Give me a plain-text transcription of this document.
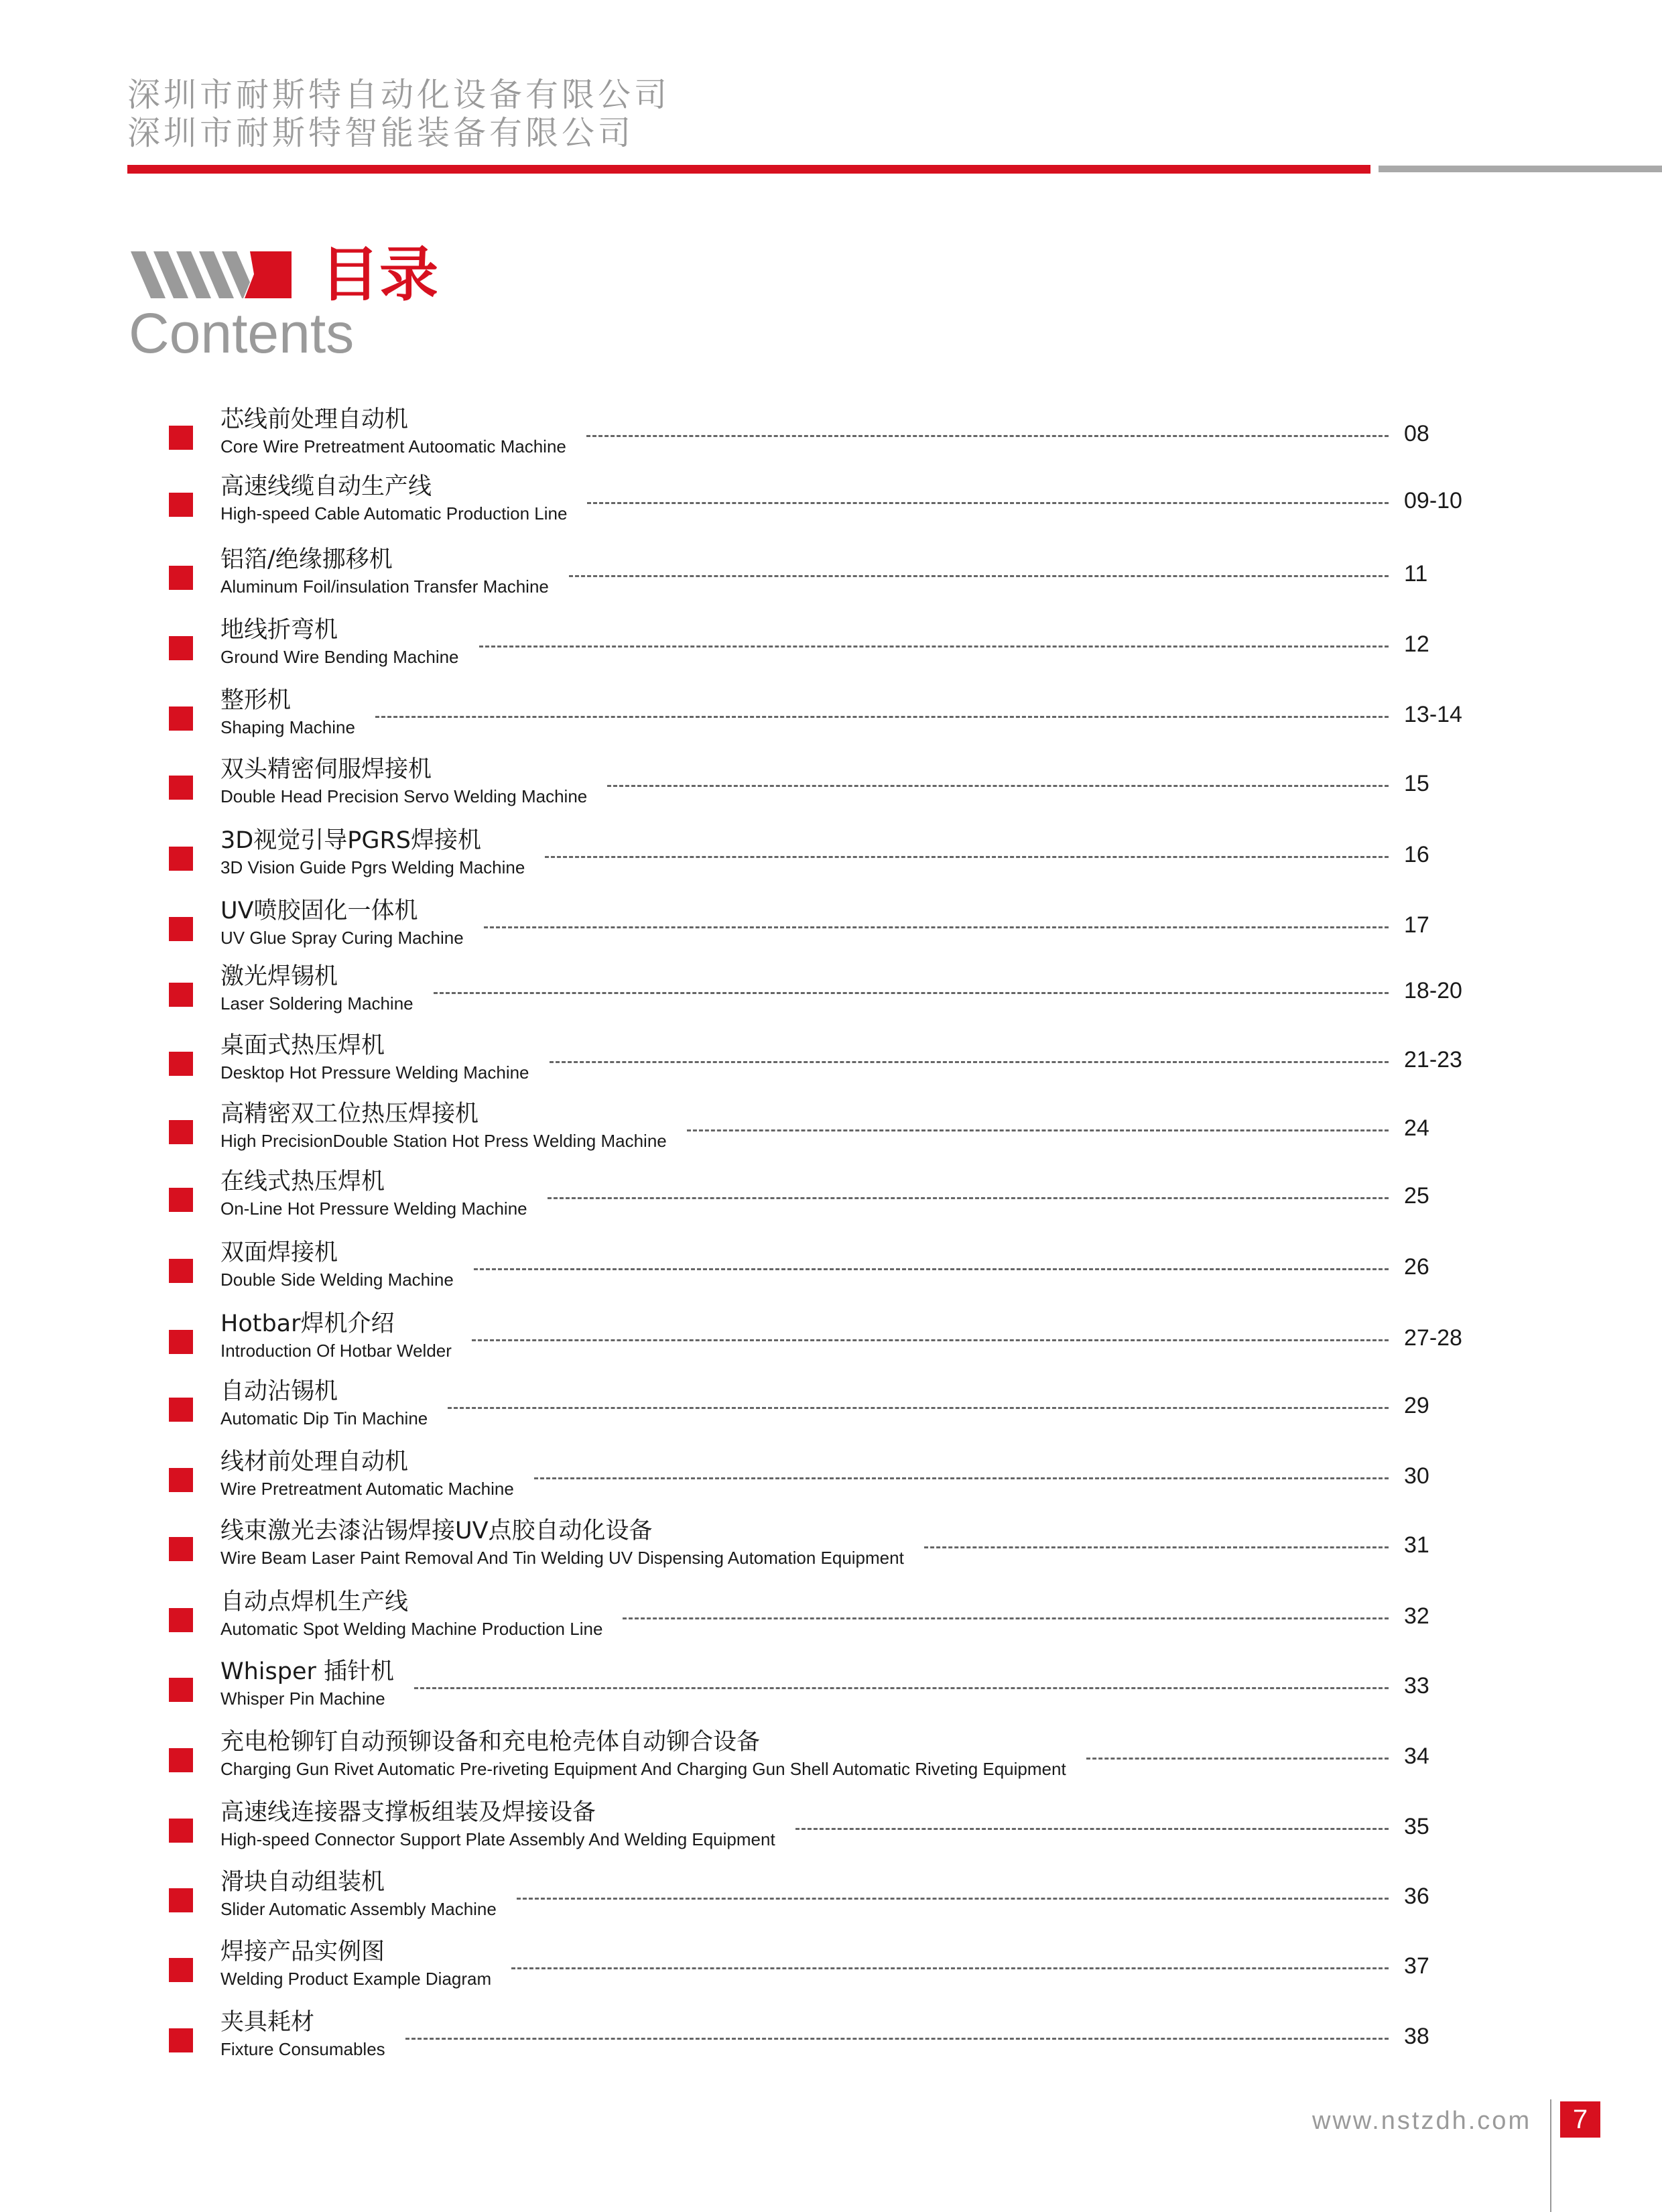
深圳市耐斯特自动化设备有限公司
深圳市耐斯特智能装备有限公司
目录
Contents
芯线前处理自动机
Core Wire Pretreatment Autoomatic Machine	08
高速线缆自动生产线
High-speed Cable Automatic Production Line	09-10
铝箔/绝缘挪移机
Aluminum Foil/insulation Transfer Machine	11
地线折弯机
Ground Wire Bending Machine	12
整形机
Shaping Machine	13-14
双头精密伺服焊接机
Double Head Precision Servo Welding Machine	15
3D视觉引导PGRS焊接机
3D Vision Guide Pgrs Welding Machine	16
UV喷胶固化一体机
UV Glue Spray Curing Machine	17
激光焊锡机
Laser Soldering Machine	18-20
桌面式热压焊机
Desktop Hot Pressure Welding Machine	21-23
高精密双工位热压焊接机
High PrecisionDouble Station Hot Press Welding Machine	24
在线式热压焊机
On-Line Hot Pressure Welding Machine	25
双面焊接机
Double Side Welding Machine	26
Hotbar焊机介绍
Introduction Of Hotbar Welder	27-28
自动沾锡机
Automatic Dip Tin Machine	29
线材前处理自动机
Wire Pretreatment Automatic Machine	30
线束激光去漆沾锡焊接UV点胶自动化设备
Wire Beam Laser Paint Removal And Tin Welding UV Dispensing Automation Equipment	31
自动点焊机生产线
Automatic Spot Welding Machine Production Line	32
Whisper 插针机
Whisper Pin Machine	33
充电枪铆钉自动预铆设备和充电枪壳体自动铆合设备
Charging Gun Rivet Automatic Pre-riveting Equipment And Charging Gun Shell Automatic Riveting Equipment	34
高速线连接器支撑板组装及焊接设备
High-speed Connector Support Plate Assembly And Welding Equipment	35
滑块自动组装机
Slider Automatic Assembly Machine	36
焊接产品实例图
Welding Product Example Diagram	37
夹具耗材
Fixture Consumables	38
www.nstzdh.com	7
